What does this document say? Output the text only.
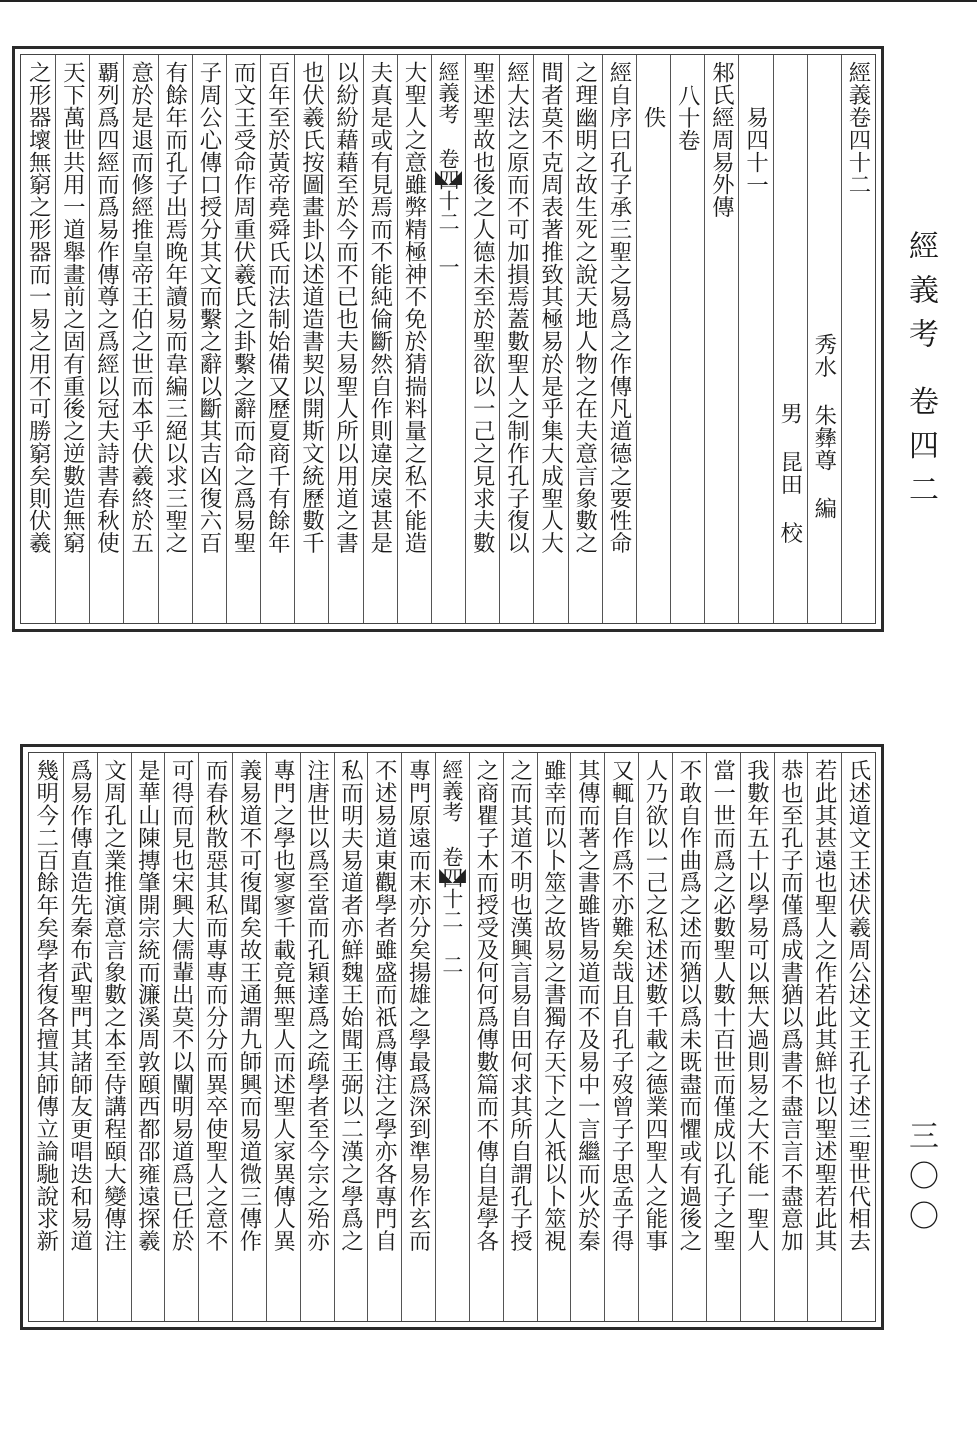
經義考 卷四二
三〇〇
經義卷四十二
秀水 朱彝尊 編
男 昆田 校
易四十一
邾氏經周易外傳
八十卷
佚
經自序曰孔子承三聖之易爲之作傳凡道德之要性命
之理幽明之故生死之說天地人物之在夫意言象數之
間者莫不克周表著推致其極易於是乎集大成聖人大
經大法之原而不可加損焉蓋數聖人之制作孔子復以
聖述聖故也後之人德未至於聖欲以一己之見求夫數
經義考 卷四十二 一
大聖人之意雖弊精極神不免於猜揣料量之私不能造
夫真是或有見焉而不能純倫斷然自作則違戾遠甚是
以紛紛藉藉至於今而不已也夫易聖人所以用道之書
也伏羲氏按圖畫卦以述道造書契以開斯文統歷數千
百年至於黃帝堯舜氏而法制始備又歷夏商千有餘年
而文王受命作周重伏羲氏之卦繫之辭而命之爲易聖
子周公心傳口授分其文而繫之辭以斷其吉凶復六百
有餘年而孔子出焉晚年讀易而韋編三絕以求三聖之
意於是退而修經推皇帝王伯之世而本乎伏羲終於五
覇列爲四經而爲易作傳尊之爲經以冠夫詩書春秋使
天下萬世共用一道舉畫前之固有重後之逆數造無窮
之形器壞無窮之形器而一易之用不可勝窮矣則伏羲
氏述道文王述伏羲周公述文王孔子述三聖世代相去
若此其甚遠也聖人之作若此其鮮也以聖述聖若此其
恭也至孔子而僅爲成書猶以爲書不盡言言不盡意加
我數年五十以學易可以無大過則易之大不能一聖人
當一世而爲之必數聖人數十百世而僅成以孔子之聖
不敢自作曲爲之述而猶以爲未既盡而懼或有過後之
人乃欲以一己之私述述數千載之德業四聖人之能事
又輒自作爲不亦難矣哉且自孔子歿曾子子思孟子得
其傳而著之書雖皆易道而不及易中一言繼而火於秦
雖幸而以卜筮之故易之書獨存天下之人祇以卜筮視
之而其道不明也漢興言易自田何求其所自謂孔子授
之商瞿子木而授受及何何爲傳數篇而不傳自是學各
經義考 卷四十二 二
專門原遠而末亦分矣揚雄之學最爲深到準易作玄而
不述易道東觀學者雖盛而祇爲傳注之學亦各專門自
私而明夫易道者亦鮮魏王始聞王弼以二漢之學爲之
注唐世以爲至當而孔穎達爲之疏學者至今宗之殆亦
專門之學也寥寥千載竟無聖人而述聖人家異傳人異
義易道不可復聞矣故王通謂九師興而易道微三傳作
而春秋散惡其私而專專而分分而異卒使聖人之意不
可得而見也宋興大儒輩出莫不以闡明易道爲已任於
是華山陳摶肇開宗統而濂溪周敦頤西都邵雍遠探羲
文周孔之業推演意言象數之本至侍講程頤大變傳注
爲易作傳直造先秦布武聖門其諸師友更唱迭和易道
幾明今二百餘年矣學者復各擅其師傳立論馳說求新
